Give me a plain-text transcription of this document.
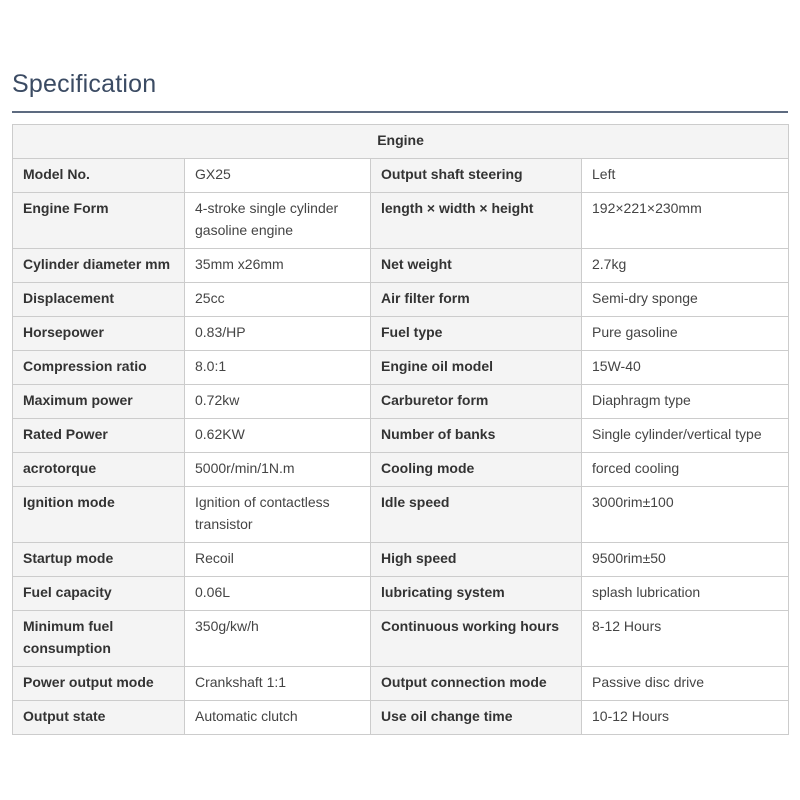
Specification
Engine			
Model No.	GX25	Output shaft steering	Left
Engine Form	4-stroke single cylinder gasoline engine	length × width × height	192×221×230mm
Cylinder diameter mm	35mm x26mm	Net weight	2.7kg
Displacement	25cc	Air filter form	Semi-dry sponge
Horsepower	0.83/HP	Fuel type	Pure gasoline
Compression ratio	8.0:1	Engine oil model	15W-40
Maximum power	0.72kw	Carburetor form	Diaphragm type
Rated Power	0.62KW	Number of banks	Single cylinder/vertical type
acrotorque	5000r/min/1N.m	Cooling mode	forced cooling
Ignition mode	Ignition of contactless transistor	Idle speed	3000rim±100
Startup mode	Recoil	High speed	9500rim±50
Fuel capacity	0.06L	lubricating system	splash lubrication
Minimum fuel consumption	350g/kw/h	Continuous working hours	8-12 Hours
Power output mode	Crankshaft 1:1	Output connection mode	Passive disc drive
Output state	Automatic clutch	Use oil change time	10-12 Hours
